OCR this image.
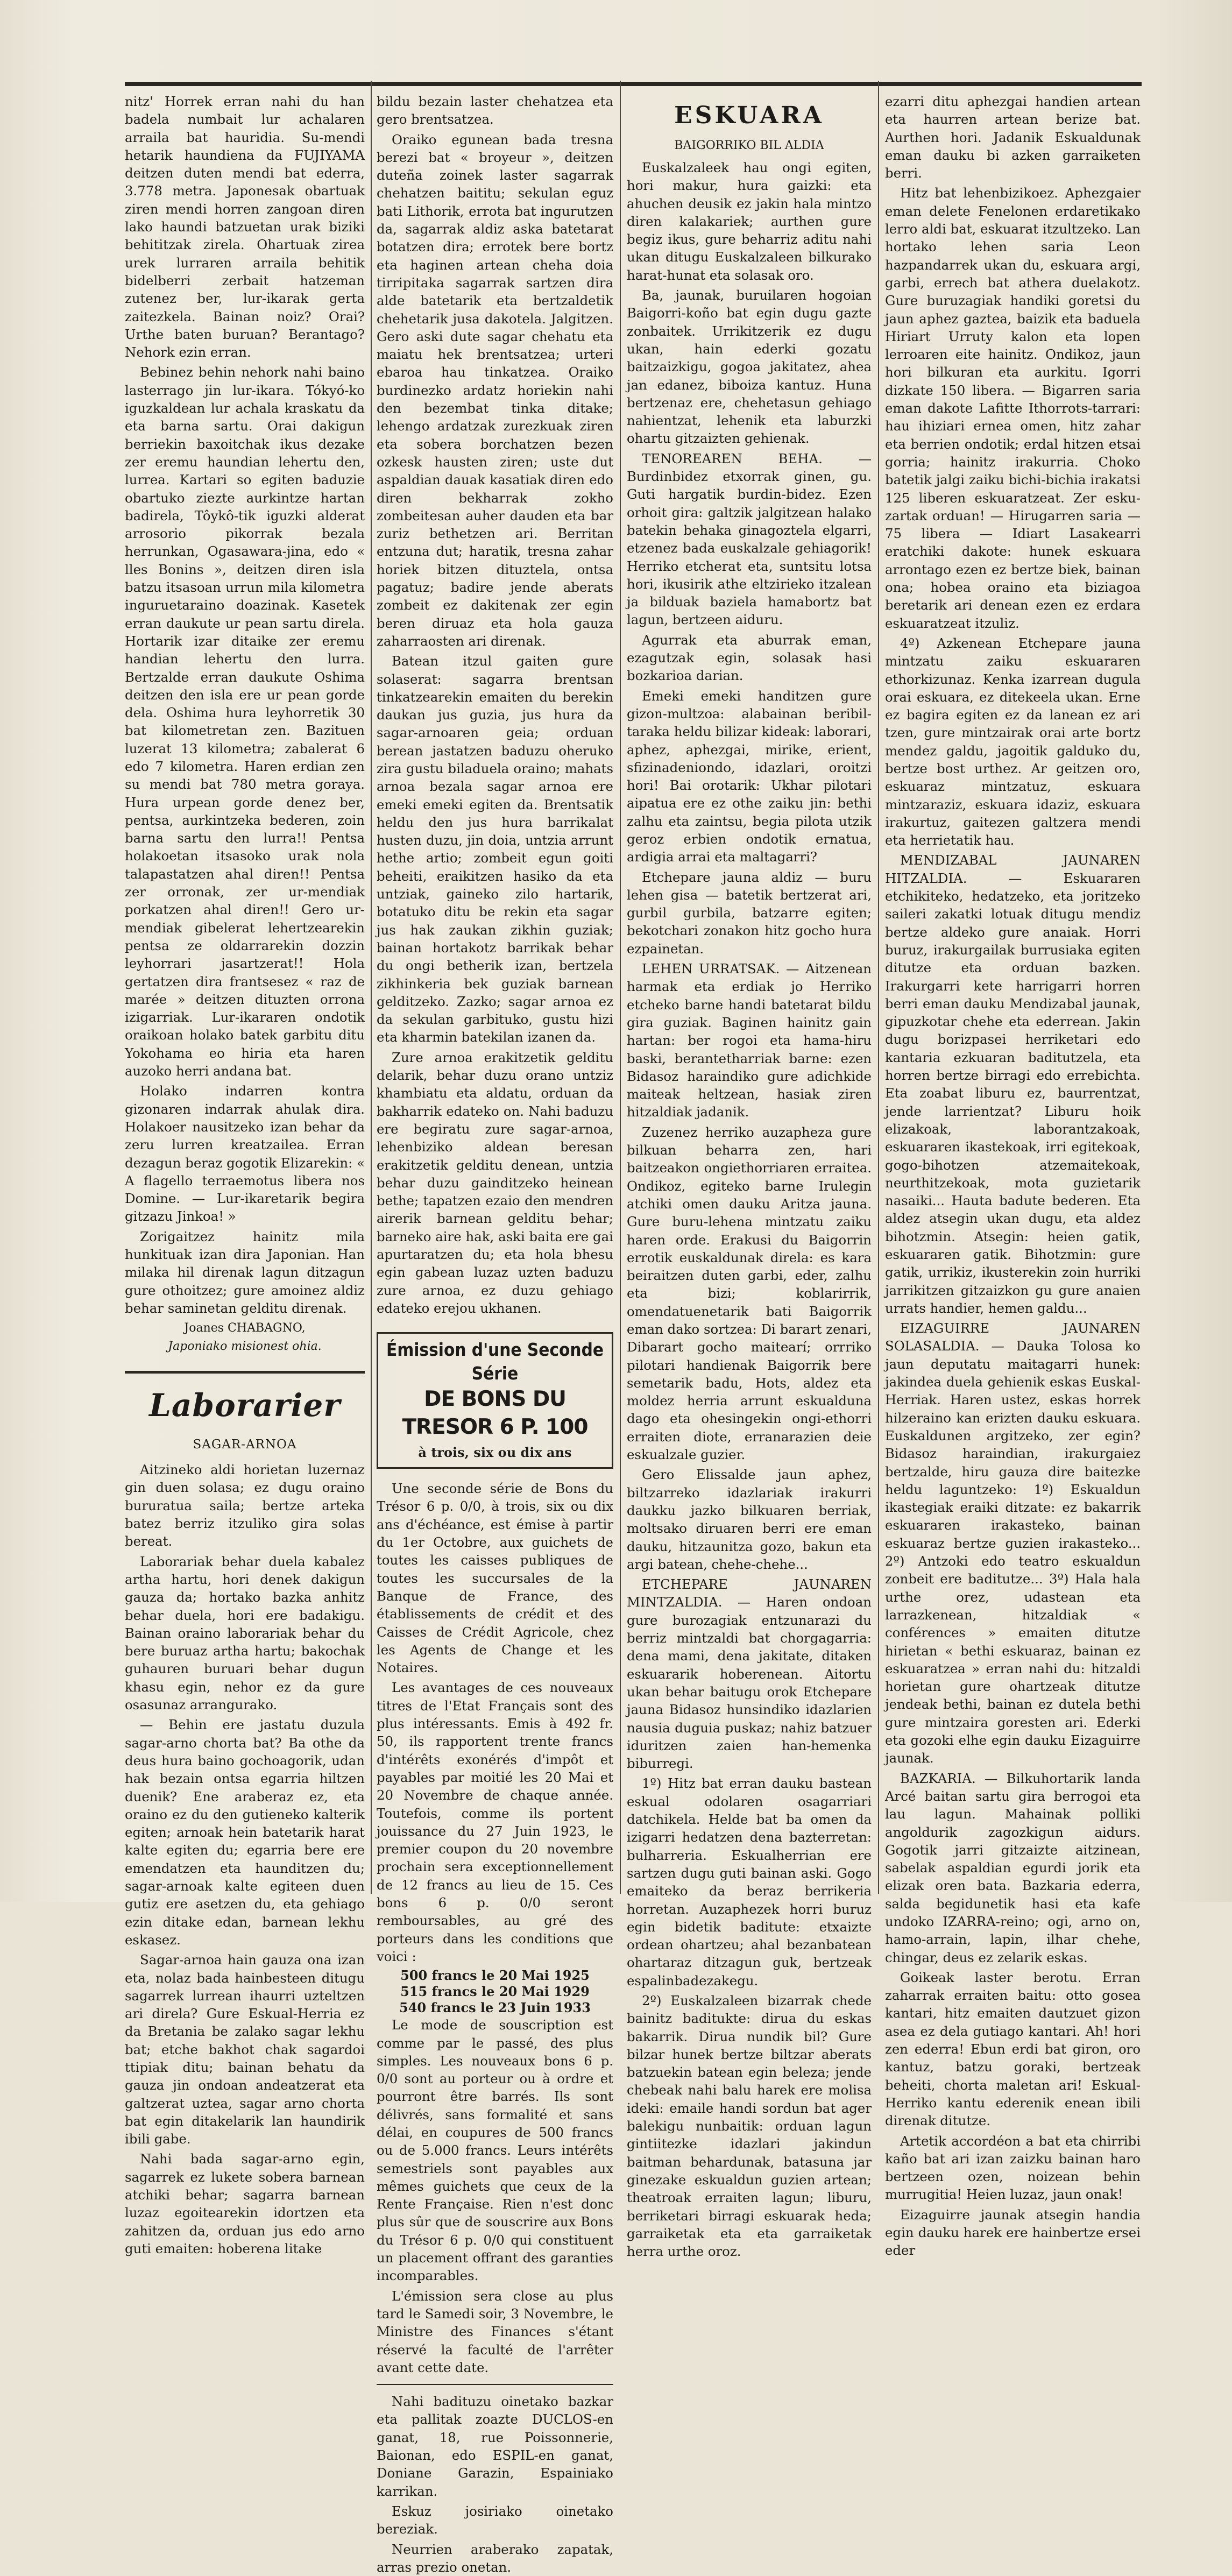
nitz' Horrek erran nahi du han badela numbait lur achalaren arraila bat hauridia. Su-mendi hetarik haundiena da FUJIYAMA deitzen duten mendi bat ederra, 3.778 metra. Japonesak obartuak ziren mendi horren zangoan diren lako haundi batzuetan urak biziki behititzak zirela. Ohartuak zirea urek lurraren arraila behitik bidelberri zerbait hatzeman zutenez ber, lur-ikarak gerta zaitezkela. Bainan noiz? Orai? Urthe baten buruan? Berantago? Nehork ezin erran.

Bebinez behin nehork nahi baino lasterrago jin lur-ikara. Tókyó-ko iguzkaldean lur achala kraskatu da eta barna sartu. Orai dakigun berriekin baxoitchak ikus dezake zer eremu haundian lehertu den, lurrea. Kartari so egiten baduzie obartuko ziezte aurkintze hartan badirela, Tôykô-tik iguzki alderat arrosorio pikorrak bezala herrunkan, Ogasawara-jina, edo « lles Bonins », deitzen diren isla batzu itsasoan urrun mila kilometra inguruetaraino doazinak. Kasetek erran daukute ur pean sartu direla. Hortarik izar ditaike zer eremu handian lehertu den lurra. Bertzalde erran daukute Oshima deitzen den isla ere ur pean gorde dela. Oshima hura leyhorretik 30 bat kilometretan zen. Bazituen luzerat 13 kilometra; zabalerat 6 edo 7 kilometra. Haren erdian zen su mendi bat 780 metra goraya. Hura urpean gorde denez ber, pentsa, aurkintzeka bederen, zoin barna sartu den lurra!! Pentsa holakoetan itsasoko urak nola talapastatzen ahal diren!! Pentsa zer orronak, zer ur-mendiak porkatzen ahal diren!! Gero ur-mendiak gibelerat lehertzearekin pentsa ze oldarrarekin dozzin leyhorrari jasartzerat!! Hola gertatzen dira frantsesez « raz de marée » deitzen dituzten orrona izigarriak. Lur-ikararen ondotik oraikoan holako batek garbitu ditu Yokohama eo hiria eta haren auzoko herri andana bat.

Holako indarren kontra gizonaren indarrak ahulak dira. Holakoer nausitzeko izan behar da zeru lurren kreatzailea. Erran dezagun beraz gogotik Elizarekin: « A flagello terraemotus libera nos Domine. — Lur-ikaretarik begira gitzazu Jinkoa! »

Zorigaitzez hainitz mila hunkituak izan dira Japonian. Han milaka hil direnak lagun ditzagun gure othoitzez; gure amoinez aldiz behar saminetan gelditu direnak.

Joanes CHABAGNO,

Japoniako misionest ohia.

Laborarier
SAGAR-ARNOA

Aitzineko aldi horietan luzernaz gin duen solasa; ez dugu oraino bururatua saila; bertze arteka batez berriz itzuliko gira solas bereat.

Laborariak behar duela kabalez artha hartu, hori denek dakigun gauza da; hortako bazka anhitz behar duela, hori ere badakigu. Bainan oraino laborariak behar du bere buruaz artha hartu; bakochak guhauren buruari behar dugun khasu egin, nehor ez da gure osasunaz arrangurako.

— Behin ere jastatu duzula sagar-arno chorta bat? Ba othe da deus hura baino gochoagorik, udan hak bezain ontsa egarria hiltzen duenik? Ene araberaz ez, eta oraino ez du den gutieneko kalterik egiten; arnoak hein batetarik harat kalte egiten du; egarria bere ere emendatzen eta haunditzen du; sagar-arnoak kalte egiteen duen gutiz ere asetzen du, eta gehiago ezin ditake edan, barnean lekhu eskasez.

Sagar-arnoa hain gauza ona izan eta, nolaz bada hainbesteen ditugu sagarrek lurrean ihaurri uzteltzen ari direla? Gure Eskual-Herria ez da Bretania be zalako sagar lekhu bat; etche bakhot chak sagardoi ttipiak ditu; bainan behatu da gauza jin ondoan andeatzerat eta galtzerat uztea, sagar arno chorta bat egin ditakelarik lan haundirik ibili gabe.

Nahi bada sagar-arno egin, sagarrek ez lukete sobera barnean atchiki behar; sagarra barnean luzaz egoitearekin idortzen eta zahitzen da, orduan jus edo arno guti emaiten: hoberena litake

bildu bezain laster chehatzea eta gero brentsatzea.

Oraiko egunean bada tresna berezi bat « broyeur », deitzen duteña zoinek laster sagarrak chehatzen baititu; sekulan eguz bati Lithorik, errota bat ingurutzen da, sagarrak aldiz aska batetarat botatzen dira; errotek bere bortz eta haginen artean cheha doia tirripitaka sagarrak sartzen dira alde batetarik eta bertzaldetik chehetarik jusa dakotela. Jalgitzen. Gero aski dute sagar chehatu eta maiatu hek brentsatzea; urteri ebaroa hau tinkatzea. Oraiko burdinezko ardatz horiekin nahi den bezembat tinka ditake; lehengo ardatzak zurezkuak ziren eta sobera borchatzen bezen ozkesk hausten ziren; uste dut aspaldian dauak kasatiak diren edo diren bekharrak zokho zombeitesan auher dauden eta bar zuriz bethetzen ari. Berritan entzuna dut; haratik, tresna zahar horiek bitzen dituztela, ontsa pagatuz; badire jende aberats zombeit ez dakitenak zer egin beren diruaz eta hola gauza zaharraosten ari direnak.

Batean itzul gaiten gure solaserat: sagarra brentsan tinkatzearekin emaiten du berekin daukan jus guzia, jus hura da sagar-arnoaren geia; orduan berean jastatzen baduzu oheruko zira gustu biladuela oraino; mahats arnoa bezala sagar arnoa ere emeki emeki egiten da. Brentsatik heldu den jus hura barrikalat husten duzu, jin doia, untzia arrunt hethe artio; zombeit egun goiti beheiti, eraikitzen hasiko da eta untziak, gaineko zilo hartarik, botatuko ditu be rekin eta sagar jus hak zaukan zikhin guziak; bainan hortakotz barrikak behar du ongi betherik izan, bertzela zikhinkeria bek guziak barnean gelditzeko. Zazko; sagar arnoa ez da sekulan garbituko, gustu hizi eta kharmin batekilan izanen da.

Zure arnoa erakitzetik gelditu delarik, behar duzu orano untziz khambiatu eta aldatu, orduan da bakharrik edateko on. Nahi baduzu ere begiratu zure sagar-arnoa, lehenbiziko aldean beresan erakitzetik gelditu denean, untzia behar duzu gainditzeko heinean bethe; tapatzen ezaio den mendren airerik barnean gelditu behar; barneko aire hak, aski baita ere gai apurtaratzen du; eta hola bhesu egin gabean luzaz uzten baduzu zure arnoa, ez duzu gehiago edateko erejou ukhanen.

Émission d'une Seconde Série
DE BONS DU TRESOR 6 P. 100
à trois, six ou dix ans

Une seconde série de Bons du Trésor 6 p. 0/0, à trois, six ou dix ans d'échéance, est émise à partir du 1er Octobre, aux guichets de toutes les caisses publiques de toutes les succursales de la Banque de France, des établissements de crédit et des Caisses de Crédit Agricole, chez les Agents de Change et les Notaires.

Les avantages de ces nouveaux titres de l'Etat Français sont des plus intéressants. Emis à 492 fr. 50, ils rapportent trente francs d'intérêts exonérés d'impôt et payables par moitié les 20 Mai et 20 Novembre de chaque année. Toutefois, comme ils portent jouissance du 27 Juin 1923, le premier coupon du 20 novembre prochain sera exceptionnellement de 12 francs au lieu de 15. Ces bons 6 p. 0/0 seront remboursables, au gré des porteurs dans les conditions que voici :

500 francs le 20 Mai 1925

515 francs le 20 Mai 1929

540 francs le 23 Juin 1933

Le mode de souscription est comme par le passé, des plus simples. Les nouveaux bons 6 p. 0/0 sont au porteur ou à ordre et pourront être barrés. Ils sont délivrés, sans formalité et sans délai, en coupures de 500 francs ou de 5.000 francs. Leurs intérêts semestriels sont payables aux mêmes guichets que ceux de la Rente Française. Rien n'est donc plus sûr que de souscrire aux Bons du Trésor 6 p. 0/0 qui constituent un placement offrant des garanties incomparables.

L'émission sera close au plus tard le Samedi soir, 3 Novembre, le Ministre des Finances s'étant réservé la faculté de l'arrêter avant cette date.

Nahi badituzu oinetako bazkar eta pallitak zoazte DUCLOS-en ganat, 18, rue Poissonnerie, Baionan, edo ESPIL-en ganat, Doniane Garazin, Espainiako karrikan.

Eskuz josiriako oinetako bereziak.

Neurrien araberako zapatak, arras prezio onetan.

ESKUARA
BAIGORRIKO BIL ALDIA

Euskalzaleek hau ongi egiten, hori makur, hura gaizki: eta ahuchen deusik ez jakin hala mintzo diren kalakariek; aurthen gure begiz ikus, gure beharriz aditu nahi ukan ditugu Euskalzaleen bilkurako harat-hunat eta solasak oro.

Ba, jaunak, buruilaren hogoian Baigorri-koño bat egin dugu gazte zonbaitek. Urrikitzerik ez dugu ukan, hain ederki gozatu baitzaizkigu, gogoa jakitatez, ahea jan edanez, biboiza kantuz. Huna bertzenaz ere, chehetasun gehiago nahientzat, lehenik eta laburzki ohartu gitzaizten gehienak.

TENOREAREN BEHA. — Burdinbidez etxorrak ginen, gu. Guti hargatik burdin-bidez. Ezen orhoit gira: galtzik jalgitzean halako batekin behaka ginagoztela elgarri, etzenez bada euskalzale gehiagorik! Herriko etcherat eta, suntsitu lotsa hori, ikusirik athe eltzirieko itzalean ja bilduak baziela hamabortz bat lagun, bertzeen aiduru.

Agurrak eta aburrak eman, ezagutzak egin, solasak hasi bozkarioa darian.

Emeki emeki handitzen gure gizon-multzoa: alabainan beribil-taraka heldu bilizar kideak: laborari, aphez, aphezgai, mirike, erient, sfizinadeniondo, idazlari, oroitzi hori! Bai orotarik: Ukhar pilotari aipatua ere ez othe zaiku jin: bethi zalhu eta zaintsu, begia pilota utzik geroz erbien ondotik ernatua, ardigia arrai eta maltagarri?

Etchepare jauna aldiz — buru lehen gisa — batetik bertzerat ari, gurbil gurbila, batzarre egiten; bekotchari zonakon hitz gocho hura ezpainetan.

LEHEN URRATSAK. — Aitzenean harmak eta erdiak jo Herriko etcheko barne handi batetarat bildu gira guziak. Baginen hainitz gain hartan: ber rogoi eta hama-hiru baski, berantetharriak barne: ezen Bidasoz haraindiko gure adichkide maiteak heltzean, hasiak ziren hitzaldiak jadanik.

Zuzenez herriko auzapheza gure bilkuan beharra zen, hari baitzeakon ongiethorriaren erraitea. Ondikoz, egiteko barne Irulegin atchiki omen dauku Aritza jauna. Gure buru-lehena mintzatu zaiku haren orde. Erakusi du Baigorrin errotik euskaldunak direla: es kara beiraitzen duten garbi, eder, zalhu eta bizi; koblarirrik, omendatuenetarik bati Baigorrik eman dako sortzea: Di barart zenari, Dibarart gocho maitearí; orrriko pilotari handienak Baigorrik bere semetarik badu, Hots, aldez eta moldez herria arrunt eskualduna dago eta ohesingekin ongi-ethorri erraiten diote, erranarazien deie eskualzale guzier.

Gero Elissalde jaun aphez, biltzarreko idazlariak irakurri daukku jazko bilkuaren berriak, moltsako diruaren berri ere eman dauku, hitzaunitza gozo, bakun eta argi batean, chehe-chehe...

ETCHEPARE JAUNAREN MINTZALDIA. — Haren ondoan gure burozagiak entzunarazi du berriz mintzaldi bat chorgagarria: dena mami, dena jakitate, ditaken eskuararik hoberenean. Aitortu ukan behar baitugu orok Etchepare jauna Bidasoz hunsindiko idazlarien nausia duguia puskaz; nahiz batzuer iduritzen zaien han-hemenka biburregi.

1º) Hitz bat erran dauku bastean eskual odolaren osagarriari datchikela. Helde bat ba omen da izigarri hedatzen dena bazterretan: bulharreria. Eskualherrian ere sartzen dugu guti bainan aski. Gogo emaiteko da beraz berrikeria horretan. Auzaphezek horri buruz egin bidetik baditute: etxaizte ordean ohartzeu; ahal bezanbatean ohartaraz ditzagun guk, bertzeak espalinbadezakegu.

2º) Euskalzaleen bizarrak chede bainitz baditukte: dirua du eskas bakarrik. Dirua nundik bil? Gure bilzar hunek bertze biltzar aberats batzuekin batean egin beleza; jende chebeak nahi balu harek ere molisa ideki: emaile handi sordun bat ager balekigu nunbaitik: orduan lagun gintiitezke idazlari jakindun baitman behardunak, batasuna jar ginezake eskualdun guzien artean; theatroak erraiten lagun; liburu, berriketari birragi eskuarak heda; garraiketak eta eta garraiketak herra urthe oroz.

ezarri ditu aphezgai handien artean eta haurren artean berize bat. Aurthen hori. Jadanik Eskualdunak eman dauku bi azken garraiketen berri.

Hitz bat lehenbizikoez. Aphezgaier eman delete Fenelonen erdaretikako lerro aldi bat, eskuarat itzultzeko. Lan hortako lehen saria Leon hazpandarrek ukan du, eskuara argi, garbi, errech bat athera duelakotz. Gure buruzagiak handiki goretsi du jaun aphez gaztea, baizik eta baduela Hiriart Urruty kalon eta lopen lerroaren eite hainitz. Ondikoz, jaun hori bilkuran eta aurkitu. Igorri dizkate 150 libera. — Bigarren saria eman dakote Lafitte Ithorrots-tarrari: hau ihiziari ernea omen, hitz zahar eta berrien ondotik; erdal hitzen etsai gorria; hainitz irakurria. Choko batetik jalgi zaiku bichi-bichia irakatsi 125 liberen eskuaratzeat. Zer esku-zartak orduan! — Hirugarren saria — 75 libera — Idiart Lasakearri eratchiki dakote: hunek eskuara arrontago ezen ez bertze biek, bainan ona; hobea oraino eta biziagoa beretarik ari denean ezen ez erdara eskuaratzeat itzuliz.

4º) Azkenean Etchepare jauna mintzatu zaiku eskuararen ethorkizunaz. Kenka izarrean dugula orai eskuara, ez ditekeela ukan. Erne ez bagira egiten ez da lanean ez ari tzen, gure mintzairak orai arte bortz mendez galdu, jagoitik galduko du, bertze bost urthez. Ar geitzen oro, eskuaraz mintzatuz, eskuara mintzaraziz, eskuara idaziz, eskuara irakurtuz, gaitezen galtzera mendi eta herrietatik hau.

MENDIZABAL JAUNAREN HITZALDIA. — Eskuararen etchikiteko, hedatzeko, eta joritzeko saileri zakatki lotuak ditugu mendiz bertze aldeko gure anaiak. Horri buruz, irakurgailak burrusiaka egiten ditutze eta orduan bazken. Irakurgarri kete harrigarri horren berri eman dauku Mendizabal jaunak, gipuzkotar chehe eta ederrean. Jakin dugu borizpasei herriketari edo kantaria ezkuaran baditutzela, eta horren bertze birragi edo errebichta. Eta zoabat liburu ez, baurrentzat, jende larrientzat? Liburu hoik elizakoak, laborantzakoak, eskuararen ikastekoak, irri egitekoak, gogo-bihotzen atzemaitekoak, neurthitzekoak, mota guzietarik nasaiki... Hauta badute bederen. Eta aldez atsegin ukan dugu, eta aldez bihotzmin. Atsegin: heien gatik, eskuararen gatik. Bihotzmin: gure gatik, urrikiz, ikusterekin zoin hurriki jarrikitzen gitzaizkon gu gure anaien urrats handier, hemen galdu...

EIZAGUIRRE JAUNAREN SOLASALDIA. — Dauka Tolosa ko jaun deputatu maitagarri hunek: jakindea duela gehienik eskas Euskal-Herriak. Haren ustez, eskas horrek hilzeraino kan erizten dauku eskuara. Euskaldunen argitzeko, zer egin? Bidasoz haraindian, irakurgaiez bertzalde, hiru gauza dire baitezke heldu laguntzeko: 1º) Eskualdun ikastegiak eraiki ditzate: ez bakarrik eskuararen irakasteko, bainan eskuaraz bertze guzien irakasteko... 2º) Antzoki edo teatro eskualdun zonbeit ere baditutze... 3º) Hala hala urthe orez, udastean eta larrazkenean, hitzaldiak « conférences » emaiten ditutze hirietan « bethi eskuaraz, bainan ez eskuaratzea » erran nahi du: hitzaldi horietan gure ohartzeak ditutze jendeak bethi, bainan ez dutela bethi gure mintzaira goresten ari. Ederki eta gozoki elhe egin dauku Eizaguirre jaunak.

BAZKARIA. — Bilkuhortarik landa Arcé baitan sartu gira berrogoi eta lau lagun. Mahainak polliki angoldurik zagozkigun aidurs. Gogotik jarri gitzaizte aitzinean, sabelak aspaldian egurdi jorik eta elizak oren bata. Bazkaria ederra, salda begidunetik hasi eta kafe undoko IZARRA-reino; ogi, arno on, hamo-arrain, lapin, ilhar chehe, chingar, deus ez zelarik eskas.

Goikeak laster berotu. Erran zaharrak erraiten baitu: otto gosea kantari, hitz emaiten dautzuet gizon asea ez dela gutiago kantari. Ah! hori zen ederra! Ebun erdi bat giron, oro kantuz, batzu goraki, bertzeak beheiti, chorta maletan ari! Eskual-Herriko kantu ederenik enean ibili direnak ditutze.

Artetik accordéon a bat eta chirribi kaño bat ari izan zaizku bainan haro bertzeen ozen, noizean behin murrugitia! Heien luzaz, jaun onak!

Eizaguirre jaunak atsegin handia egin dauku harek ere hainbertze ersei eder
